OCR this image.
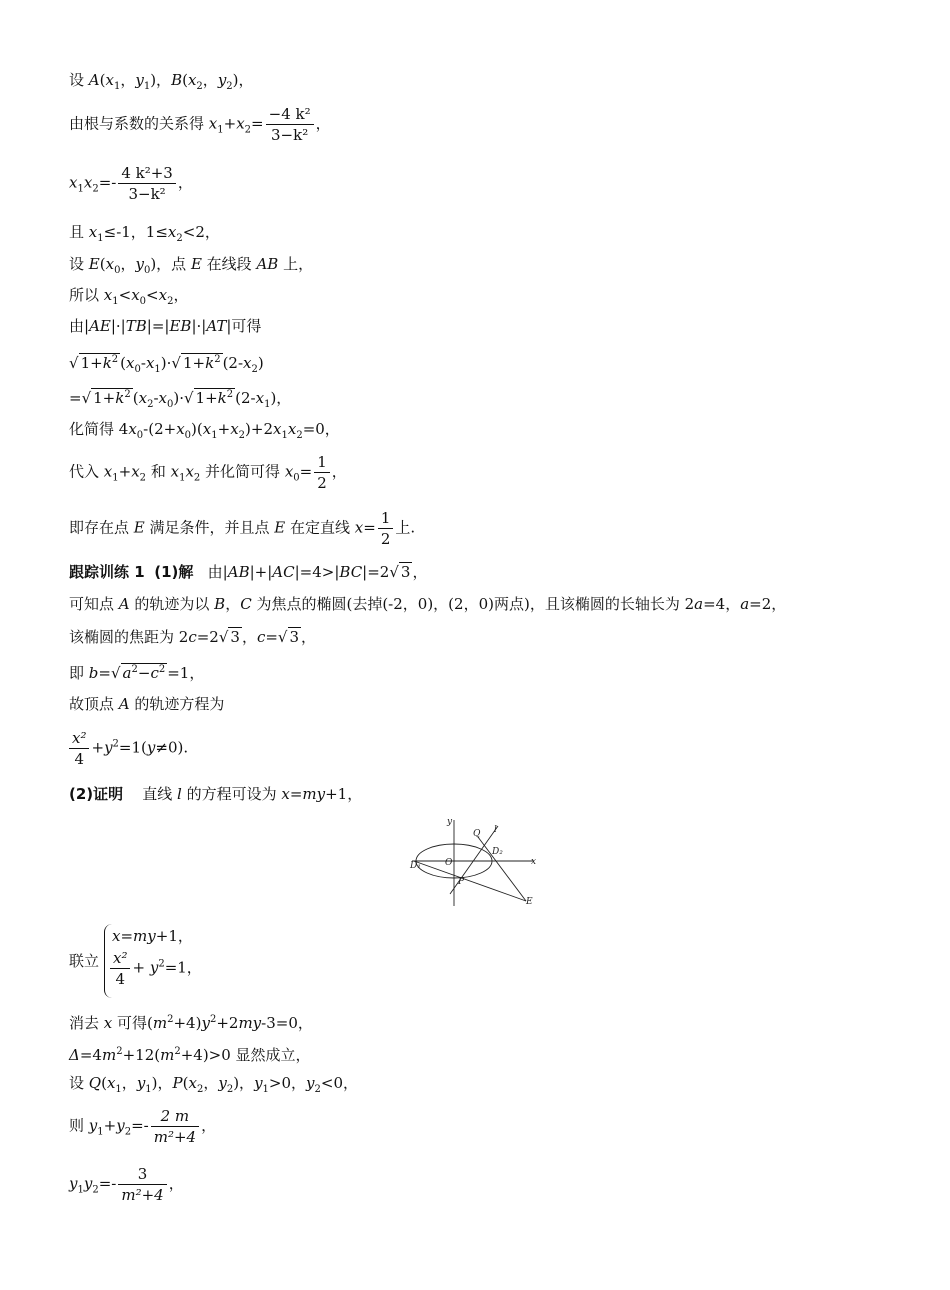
设 $A(x_1$，$y_1$)，$B(x_2$，$y_2$)，
由根与系数的关系得 $x_1+x_2= \frac{\text{−4 k²}}{\text{3−k²}}$ ，
$x_1x_2=- \frac{\text{4 k²+3}}{\text{3−k²}}$ ，
且 $x_1\le-1$，$1\le x_2<2$，
设 $E(x_0$，$y_0$)，点 E 在线段 AB 上，
所以 $x_1<x_0<x_2$，
由|AE|·|TB|=|EB|·|AT|可得
√ $1+k^2$ $(x_0-x_1)\cdot√$ $1+k^2$ $(2-x_2)$
=√ $1+k^2$ $(x_2-x_0)\cdot√$ $1+k^2$ $(2-x_1)$，
化简得 $4x_0-(2+x_0)(x_1+x_2)+2x_1x_2=0$，
代入 $x_1+x_2$ 和 $x_1x_2$ 并化简可得 $x_0= \frac{1}{2}$ ，
即存在点 E 满足条件，并且点 E 在定直线 $x= \frac{1}{2}$ 上.
跟踪训练 1 (1)解   由|AB|+|AC|=4>|BC|=2√ 3 ，
可知点 A 的轨迹为以 B，C 为焦点的椭圆(去掉(-2，0)，(2，0)两点)，且该椭圆的长轴长为 2a=4，a=2，
该椭圆的焦距为 2c=2√ 3 ，c=√ 3 ，
即 b=√ $a^2-c^2 =1$，
故顶点 A 的轨迹方程为
$\frac{\text{x²}}{4} +y^2=1(y\ne 0)$.
(2)证明    直线 l 的方程可设为 x=my+1，
y
Q l
D₂
x
D₁	O
P
E
联立
x=my+1，
$\frac{\text{x²}}{4} + y^2=1$，
消去 x 可得$(m^2+4)y^2+2my-3=0$，
$\Delta=4m^2+12(m^2+4)>0$ 显然成立，
设 $Q(x_1$，$y_1$)，$P(x_2$，$y_2$)，$y_1>0$，$y_2<0$，
则 $y_1+y_2=- \frac{2 m}{\text{m²+4}}$ ，
$y_1y_2=- \frac{3}{\text{m²+4}}$ ，
